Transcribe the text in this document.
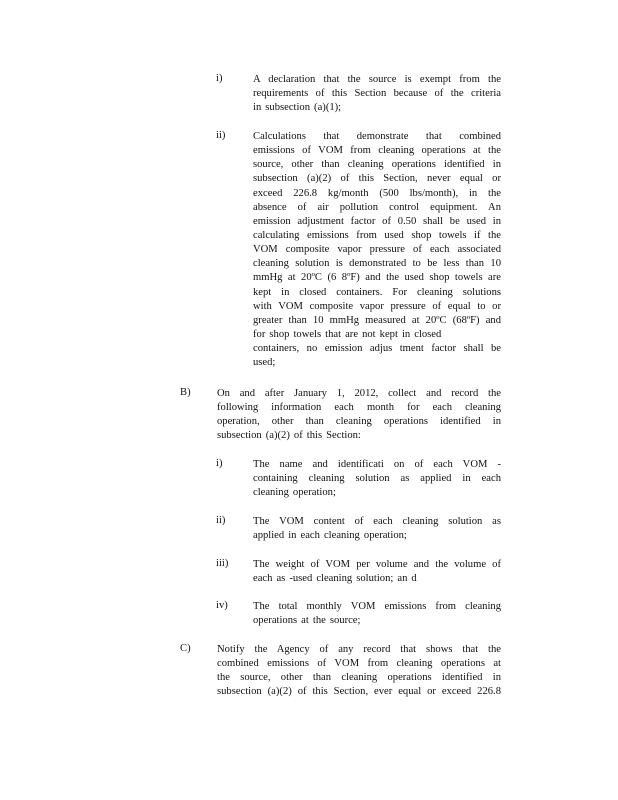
i)	A declaration that the source is exempt from the
requirements of this Section because of the criteria
in subsection (a)(1);
ii)	Calculations that demonstrate that combined
emissions of VOM from cleaning operations at the
source, other than cleaning operations identified in
subsection (a)(2) of this Section, never equal or
exceed 226.8 kg/month (500 lbs/month), in the
absence of air pollution control equipment. An
emission adjustment factor of 0.50 shall be used in
calculating emissions from used shop towels if the
VOM composite vapor pressure of each associated
cleaning solution is demonstrated to be less than 10
mmHg at 20ºC (6 8ºF) and the used shop towels are
kept in closed containers. For cleaning solutions
with VOM composite vapor pressure of equal to or
greater than 10 mmHg measured at 20ºC (68ºF) and
for shop towels that are not kept in closed
containers, no emission adjus tment factor shall be
used;
B) On and after January 1, 2012, collect and record the
following information each month for each cleaning
operation, other than cleaning operations identified in
subsection (a)(2) of this Section:
i)	The name and identificati on of each VOM -
containing cleaning solution as applied in each
cleaning operation;
ii)	The VOM content of each cleaning solution as
applied in each cleaning operation;
iii) The weight of VOM per volume and the volume of
each as -used cleaning solution; an d
iv) The total monthly VOM emissions from cleaning
operations at the source;
C) Notify the Agency of any record that shows that the
combined emissions of VOM from cleaning operations at
the source, other than cleaning operations identified in
subsection (a)(2) of this Section, ever equal or exceed 226.8
